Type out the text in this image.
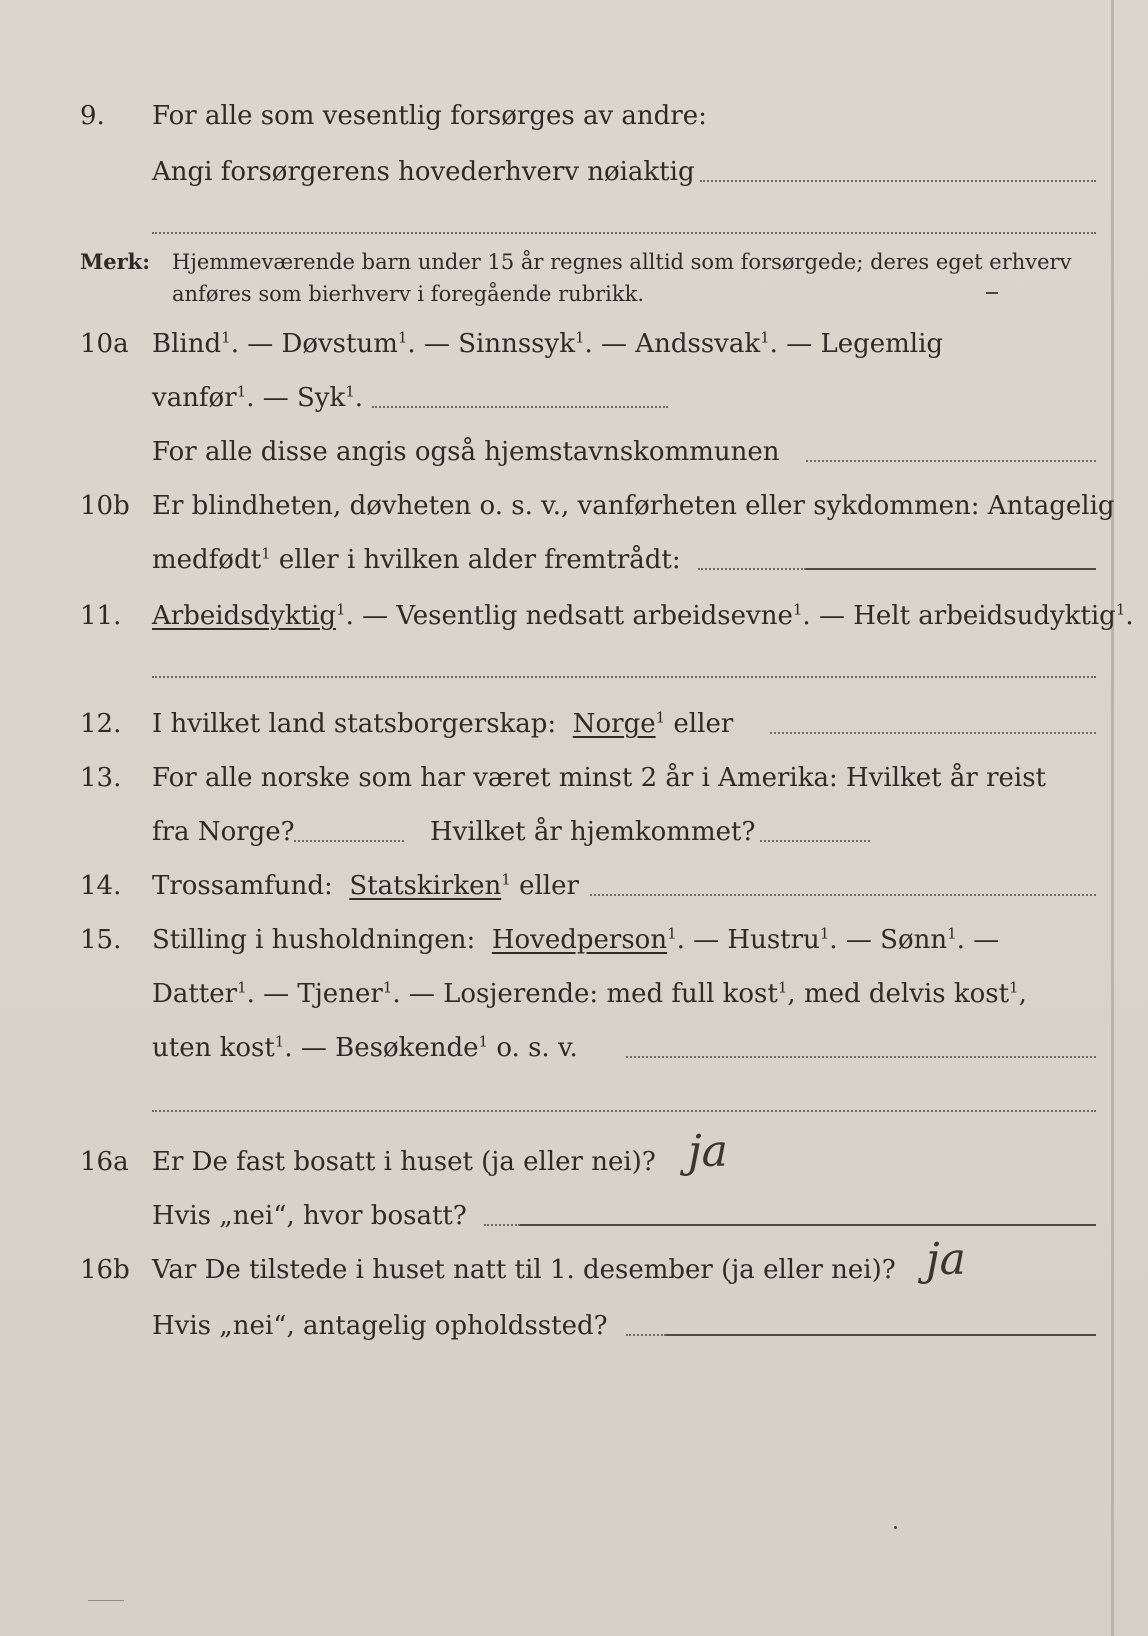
9. For alle som vesentlig forsørges av andre:
Angi forsørgerens hovederhverv nøiaktig
Merk: Hjemmeværende barn under 15 år regnes alltid som forsørgede; deres eget erhverv
anføres som bierhverv i foregående rubrikk.
10a Blind$^1$. — Døvstum$^1$. — Sinnssyk$^1$. — Andssvak$^1$. — Legemlig
vanfør$^1$. — Syk$^1$.
For alle disse angis også hjemstavnskommunen
10b Er blindheten, døvheten o. s. v., vanførheten eller sykdommen: Antagelig
medfødt$^1$ eller i hvilken alder fremtrådt:
11. Arbeidsdyktig$^1$. — Vesentlig nedsatt arbeidsevne$^1$. — Helt arbeidsudyktig$^1$.
12. I hvilket land statsborgerskap: Norge$^1$ eller
13. For alle norske som har været minst 2 år i Amerika: Hvilket år reist
fra Norge?	Hvilket år hjemkommet?
14. Trossamfund: Statskirken$^1$ eller
15. Stilling i husholdningen: Hovedperson$^1$. — Hustru$^1$. — Sønn$^1$. —
Datter$^1$. — Tjener$^1$. — Losjerende: med full kost$^1$, med delvis kost$^1$,
uten kost$^1$. — Besøkende$^1$ o. s. v.
16a Er De fast bosatt i huset (ja eller nei)? ja
Hvis „nei“, hvor bosatt?
16b Var De tilstede i huset natt til 1. desember (ja eller nei)? ja
Hvis „nei“, antagelig opholdssted?
